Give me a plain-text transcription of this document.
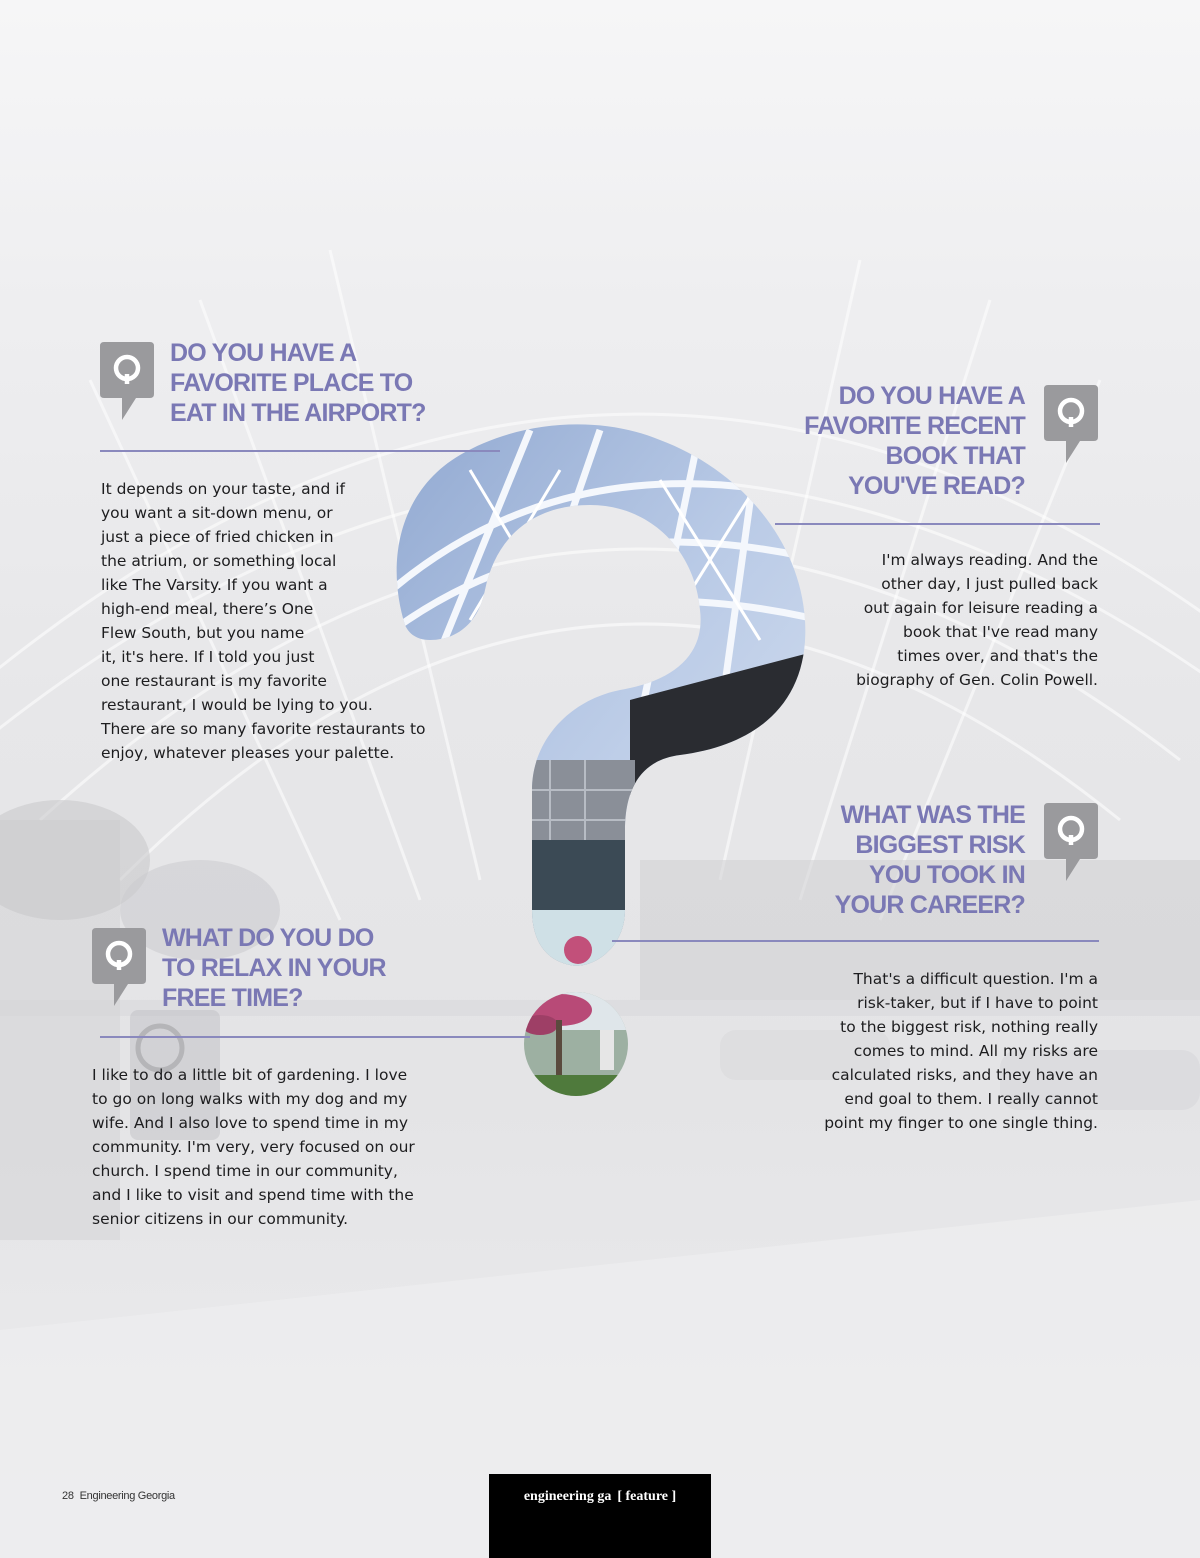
DO YOU HAVE A
FAVORITE PLACE TO
EAT IN THE AIRPORT?
It depends on your taste, and if
you want a sit-down menu, or
just a piece of fried chicken in
the atrium, or something local
like The Varsity. If you want a
high-end meal, there’s One
Flew South, but you name
it, it's here. If I told you just
one restaurant is my favorite
restaurant, I would be lying to you.
There are so many favorite restaurants to
enjoy, whatever pleases your palette.
DO YOU HAVE A
FAVORITE RECENT
BOOK THAT
YOU'VE READ?
I'm always reading. And the
other day, I just pulled back
out again for leisure reading a
book that I've read many
times over, and that's the
biography of Gen. Colin Powell.
WHAT WAS THE
BIGGEST RISK
YOU TOOK IN
YOUR CAREER?
That's a difficult question. I'm a
risk-taker, but if I have to point
to the biggest risk, nothing really
comes to mind. All my risks are
calculated risks, and they have an
end goal to them. I really cannot
point my finger to one single thing.
WHAT DO YOU DO
TO RELAX IN YOUR
FREE TIME?
I like to do a little bit of gardening. I love
to go on long walks with my dog and my
wife. And I also love to spend time in my
community. I'm very, very focused on our
church. I spend time in our community,
and I like to visit and spend time with the
senior citizens in our community.
28 Engineering Georgia	engineering ga [ feature ]
